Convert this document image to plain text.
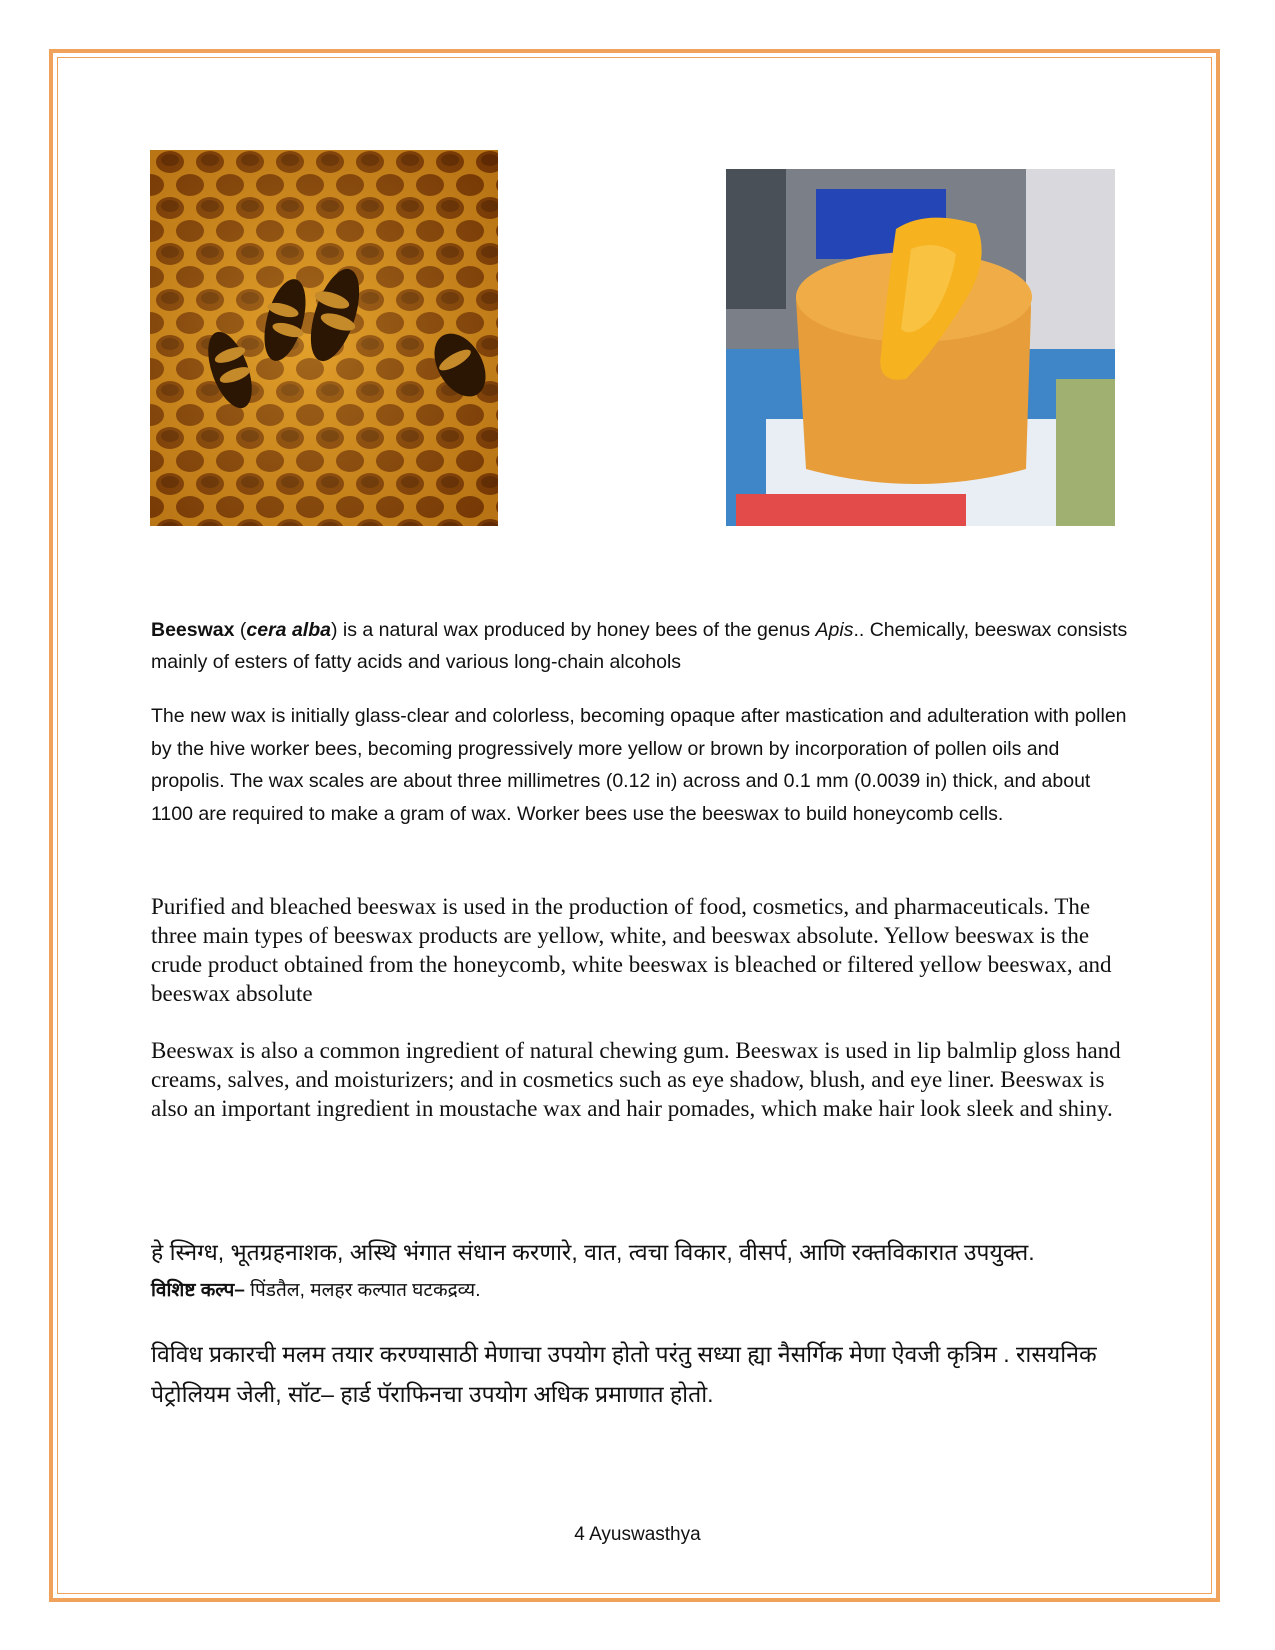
Beeswax (cera alba) is a natural wax produced by honey bees of the genus Apis.. Chemically, beeswax consists mainly of esters of fatty acids and various long-chain alcohols
The new wax is initially glass-clear and colorless, becoming opaque after mastication and adulteration with pollen by the hive worker bees, becoming progressively more yellow or brown by incorporation of pollen oils and propolis. The wax scales are about three millimetres (0.12 in) across and 0.1 mm (0.0039 in) thick, and about 1100 are required to make a gram of wax. Worker bees use the beeswax to build honeycomb cells.
Purified and bleached beeswax is used in the production of food, cosmetics, and pharmaceuticals. The three main types of beeswax products are yellow, white, and beeswax absolute. Yellow beeswax is the crude product obtained from the honeycomb, white beeswax is bleached or filtered yellow beeswax, and beeswax absolute
Beeswax is also a common ingredient of natural chewing gum. Beeswax is used in lip balmlip gloss hand creams, salves, and moisturizers; and in cosmetics such as eye shadow, blush, and eye liner. Beeswax is also an important ingredient in moustache wax and hair pomades, which make hair look sleek and shiny.
हे स्निग्ध, भूतग्रहनाशक, अस्थि भंगात संधान करणारे, वात, त्वचा विकार, वीसर्प, आणि रक्तविकारात उपयुक्त.
विशिष्ट कल्प– पिंडतैल, मलहर कल्पात घटकद्रव्य.
विविध प्रकारची मलम तयार करण्यासाठी मेणाचा उपयोग होतो परंतु सध्या ह्या नैसर्गिक मेणा ऐवजी कृत्रिम . रासयनिक पेट्रोलियम जेली, सॉट– हार्ड पॅराफिनचा उपयोग अधिक प्रमाणात होतो.
4 Ayuswasthya
